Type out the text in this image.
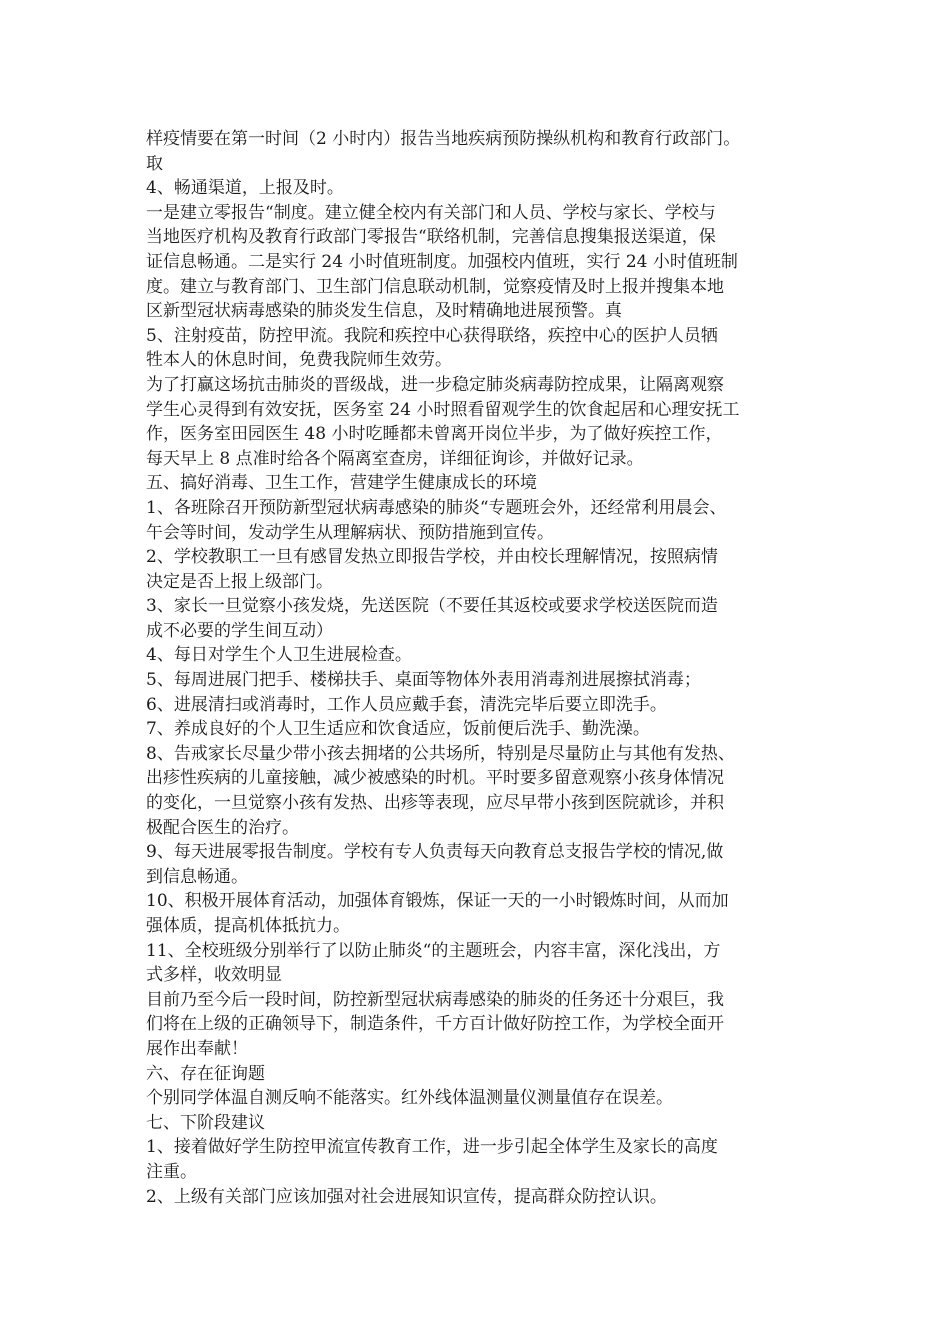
样疫情要在第一时间（2 小时内）报告当地疾病预防操纵机构和教育行政部门。
取
4、畅通渠道，上报及时。
一是建立零报告“制度。建立健全校内有关部门和人员、学校与家长、学校与
当地医疗机构及教育行政部门零报告“联络机制，完善信息搜集报送渠道，保
证信息畅通。二是实行 24 小时值班制度。加强校内值班，实行 24 小时值班制
度。建立与教育部门、卫生部门信息联动机制，觉察疫情及时上报并搜集本地
区新型冠状病毒感染的肺炎发生信息，及时精确地进展预警。真
5、注射疫苗，防控甲流。我院和疾控中心获得联络，疾控中心的医护人员牺
牲本人的休息时间，免费我院师生效劳。
为了打赢这场抗击肺炎的晋级战，进一步稳定肺炎病毒防控成果，让隔离观察
学生心灵得到有效安抚，医务室 24 小时照看留观学生的饮食起居和心理安抚工
作，医务室田园医生 48 小时吃睡都未曾离开岗位半步，为了做好疾控工作，
每天早上 8 点准时给各个隔离室查房，详细征询诊，并做好记录。
五、搞好消毒、卫生工作，营建学生健康成长的环境
1、各班除召开预防新型冠状病毒感染的肺炎“专题班会外，还经常利用晨会、
午会等时间，发动学生从理解病状、预防措施到宣传。
2、学校教职工一旦有感冒发热立即报告学校，并由校长理解情况，按照病情
决定是否上报上级部门。
3、家长一旦觉察小孩发烧，先送医院（不要任其返校或要求学校送医院而造
成不必要的学生间互动）
4、每日对学生个人卫生进展检查。
5、每周进展门把手、楼梯扶手、桌面等物体外表用消毒剂进展擦拭消毒；
6、进展清扫或消毒时，工作人员应戴手套，清洗完毕后要立即洗手。
7、养成良好的个人卫生适应和饮食适应，饭前便后洗手、勤洗澡。
8、告戒家长尽量少带小孩去拥堵的公共场所，特别是尽量防止与其他有发热、
出疹性疾病的儿童接触，减少被感染的时机。平时要多留意观察小孩身体情况
的变化，一旦觉察小孩有发热、出疹等表现，应尽早带小孩到医院就诊，并积
极配合医生的治疗。
9、每天进展零报告制度。学校有专人负责每天向教育总支报告学校的情况,做
到信息畅通。
10、积极开展体育活动，加强体育锻炼，保证一天的一小时锻炼时间，从而加
强体质，提高机体抵抗力。
11、全校班级分别举行了以防止肺炎“的主题班会，内容丰富，深化浅出，方
式多样，收效明显
目前乃至今后一段时间，防控新型冠状病毒感染的肺炎的任务还十分艰巨，我
们将在上级的正确领导下，制造条件，千方百计做好防控工作，为学校全面开
展作出奉献！
六、存在征询题
个别同学体温自测反响不能落实。红外线体温测量仪测量值存在误差。
七、下阶段建议
1、接着做好学生防控甲流宣传教育工作，进一步引起全体学生及家长的高度
注重。
2、上级有关部门应该加强对社会进展知识宣传，提高群众防控认识。
